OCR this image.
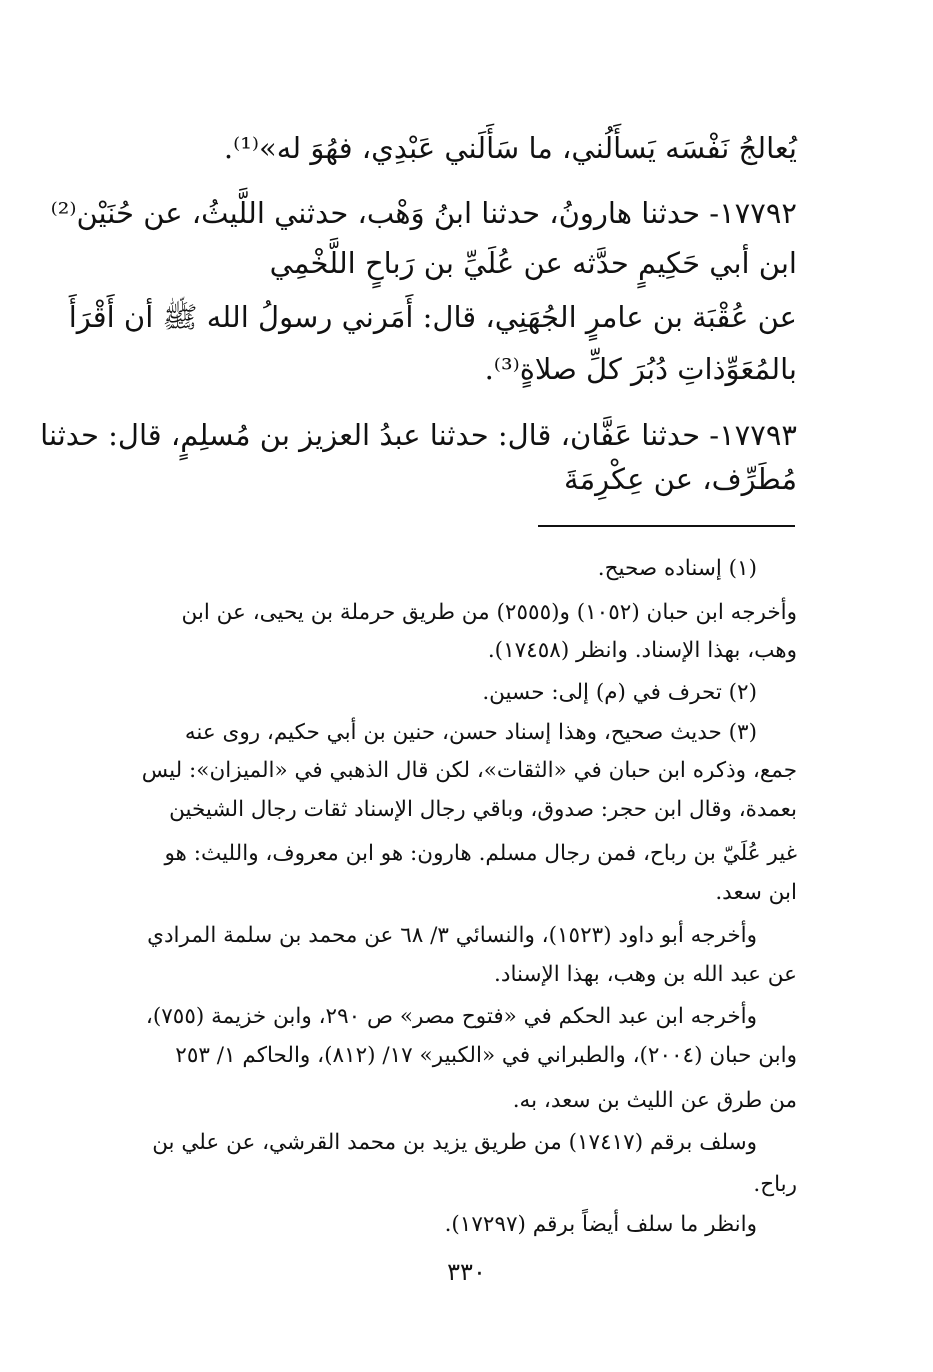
يُعالجُ نَفْسَه يَسأَلُني، ما سَأَلَني عَبْدِي، فهُوَ له»⁽¹⁾.
١٧٧٩٢- حدثنا هارونُ، حدثنا ابنُ وَهْب، حدثني اللَّيثُ، عن حُنَيْن⁽²⁾
ابن أبي حَكِيمٍ حدَّثه عن عُلَيِّ بن رَباحٍ اللَّخْمِي
عن عُقْبَة بن عامرٍ الجُهَنِي، قال: أَمَرني رسولُ الله ﷺ أن أَقْرَأَ
بالمُعَوِّذاتِ دُبُرَ كلِّ صلاةٍ⁽³⁾.
١٧٧٩٣- حدثنا عَفَّان، قال: حدثنا عبدُ العزيز بن مُسلِمٍ، قال: حدثنا
مُطَرِّف، عن عِكْرِمَةَ
(١) إسناده صحيح.
وأخرجه ابن حبان (١٠٥٢) و(٢٥٥٥) من طريق حرملة بن يحيى، عن ابن
وهب، بهذا الإسناد. وانظر (١٧٤٥٨).
(٢) تحرف في (م) إلى: حسين.
(٣) حديث صحيح، وهذا إسناد حسن، حنين بن أبي حكيم، روى عنه
جمع، وذكره ابن حبان في «الثقات»، لكن قال الذهبي في «الميزان»: ليس
بعمدة، وقال ابن حجر: صدوق، وباقي رجال الإسناد ثقات رجال الشيخين
غير عُلَيّ بن رباح، فمن رجال مسلم. هارون: هو ابن معروف، والليث: هو
ابن سعد.
وأخرجه أبو داود (١٥٢٣)، والنسائي ٣/ ٦٨ عن محمد بن سلمة المرادي
عن عبد الله بن وهب، بهذا الإسناد.
وأخرجه ابن عبد الحكم في «فتوح مصر» ص ٢٩٠، وابن خزيمة (٧٥٥)،
وابن حبان (٢٠٠٤)، والطبراني في «الكبير» ١٧/ (٨١٢)، والحاكم ١/ ٢٥٣
من طرق عن الليث بن سعد، به.
وسلف برقم (١٧٤١٧) من طريق يزيد بن محمد القرشي، عن علي بن
رباح.
وانظر ما سلف أيضاً برقم (١٧٢٩٧).
٣٣٠
